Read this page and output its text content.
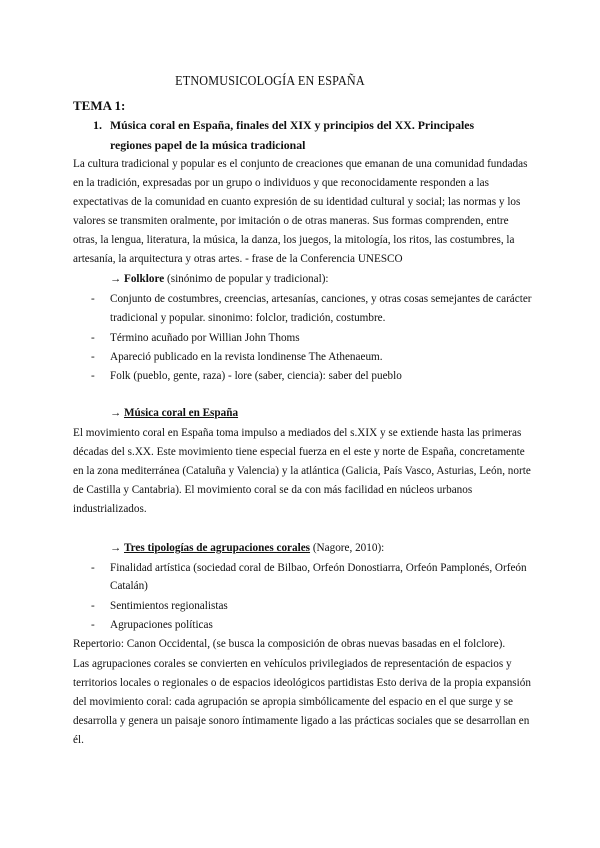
ETNOMUSICOLOGÍA EN ESPAÑA
TEMA 1:
1. Música coral en España, finales del XIX y principios del XX. Principales
regiones papel de la música tradicional
La cultura tradicional y popular es el conjunto de creaciones que emanan de una comunidad fundadas
en la tradición, expresadas por un grupo o individuos y que reconocidamente responden a las
expectativas de la comunidad en cuanto expresión de su identidad cultural y social; las normas y los
valores se transmiten oralmente, por imitación o de otras maneras. Sus formas comprenden, entre
otras, la lengua, literatura, la música, la danza, los juegos, la mitología, los ritos, las costumbres, la
artesanía, la arquitectura y otras artes. - frase de la Conferencia UNESCO
→ Folklore (sinónimo de popular y tradicional):
- Conjunto de costumbres, creencias, artesanías, canciones, y otras cosas semejantes de carácter
tradicional y popular. sinonimo: folclor, tradición, costumbre.
- Término acuñado por Willian John Thoms
- Apareció publicado en la revista londinense The Athenaeum.
- Folk (pueblo, gente, raza) - lore (saber, ciencia): saber del pueblo
→ Música coral en España
El movimiento coral en España toma impulso a mediados del s.XIX y se extiende hasta las primeras
décadas del s.XX. Este movimiento tiene especial fuerza en el este y norte de España, concretamente
en la zona mediterránea (Cataluña y Valencia) y la atlántica (Galicia, País Vasco, Asturias, León, norte
de Castilla y Cantabria). El movimiento coral se da con más facilidad en núcleos urbanos
industrializados.
→ Tres tipologías de agrupaciones corales (Nagore, 2010):
- Finalidad artística (sociedad coral de Bilbao, Orfeón Donostiarra, Orfeón Pamplonés, Orfeón
Catalán)
- Sentimientos regionalistas
- Agrupaciones políticas
Repertorio: Canon Occidental, (se busca la composición de obras nuevas basadas en el folclore).
Las agrupaciones corales se convierten en vehículos privilegiados de representación de espacios y
territorios locales o regionales o de espacios ideológicos partidistas Esto deriva de la propia expansión
del movimiento coral: cada agrupación se apropia simbólicamente del espacio en el que surge y se
desarrolla y genera un paisaje sonoro íntimamente ligado a las prácticas sociales que se desarrollan en
él.
